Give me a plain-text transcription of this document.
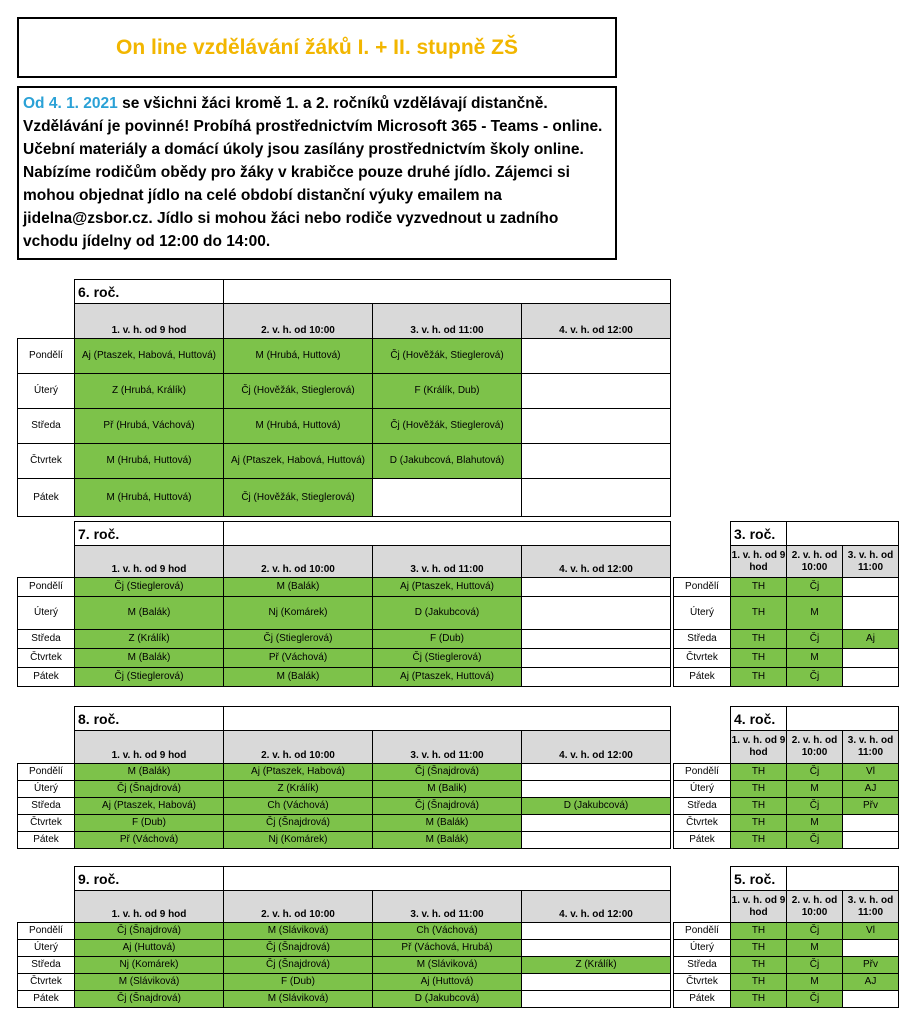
On line vzdělávání žáků I. + II. stupně ZŠ
Od 4. 1. 2021 se všichni žáci kromě 1. a 2. ročníků vzdělávají distančně. Vzdělávání je povinné! Probíhá prostřednictvím Microsoft 365 - Teams - online. Učební materiály a domácí úkoly jsou zasílány prostřednictvím školy online. Nabízíme rodičům obědy pro žáky v krabičce pouze druhé jídlo. Zájemci si mohou objednat jídlo na celé období distanční výuky emailem na jidelna@zsbor.cz. Jídlo si mohou žáci nebo rodiče vyzvednout u zadního vchodu jídelny od 12:00 do 14:00.
	6. roč.			
	1. v. h. od 9 hod	2. v. h. od 10:00	3. v. h. od 11:00	4. v. h. od 12:00
Pondělí	Aj (Ptaszek, Habová, Huttová)	M (Hrubá, Huttová)	Čj (Hověžák, Stieglerová)	
Úterý	Z (Hrubá, Králík)	Čj (Hověžák, Stieglerová)	F (Králík, Dub)	
Středa	Př (Hrubá, Váchová)	M (Hrubá, Huttová)	Čj (Hověžák, Stieglerová)	
Čtvrtek	M (Hrubá, Huttová)	Aj (Ptaszek, Habová, Huttová)	D (Jakubcová, Blahutová)	
Pátek	M (Hrubá, Huttová)	Čj (Hověžák, Stieglerová)		
	7. roč.			
	1. v. h. od 9 hod	2. v. h. od 10:00	3. v. h. od 11:00	4. v. h. od 12:00
Pondělí	Čj (Stieglerová)	M (Balák)	Aj (Ptaszek, Huttová)	
Úterý	M (Balák)	Nj (Komárek)	D (Jakubcová)	
Středa	Z (Králík)	Čj (Stieglerová)	F (Dub)	
Čtvrtek	M (Balák)	Př (Váchová)	Čj (Stieglerová)	
Pátek	Čj (Stieglerová)	M (Balák)	Aj (Ptaszek, Huttová)	
	8. roč.			
	1. v. h. od 9 hod	2. v. h. od 10:00	3. v. h. od 11:00	4. v. h. od 12:00
Pondělí	M (Balák)	Aj (Ptaszek, Habová)	Čj (Šnajdrová)	
Úterý	Čj (Šnajdrová)	Z (Králík)	M (Balik)	
Středa	Aj (Ptaszek, Habová)	Ch (Váchová)	Čj (Šnajdrová)	D (Jakubcová)
Čtvrtek	F (Dub)	Čj (Šnajdrová)	M (Balák)	
Pátek	Př (Váchová)	Nj (Komárek)	M (Balák)	
	9. roč.			
	1. v. h. od 9 hod	2. v. h. od 10:00	3. v. h. od 11:00	4. v. h. od 12:00
Pondělí	Čj (Šnajdrová)	M (Sláviková)	Ch (Váchová)	
Úterý	Aj (Huttová)	Čj (Šnajdrová)	Př (Váchová, Hrubá)	
Středa	Nj (Komárek)	Čj (Šnajdrová)	M (Sláviková)	Z (Králík)
Čtvrtek	M (Sláviková)	F (Dub)	Aj (Huttová)	
Pátek	Čj (Šnajdrová)	M (Sláviková)	D (Jakubcová)	
	3. roč.		
	1. v. h. od 9 hod	2. v. h. od 10:00	3. v. h. od 11:00
Pondělí	TH	Čj	
Úterý	TH	M	
Středa	TH	Čj	Aj
Čtvrtek	TH	M	
Pátek	TH	Čj	
	4. roč.		
	1. v. h. od 9 hod	2. v. h. od 10:00	3. v. h. od 11:00
Pondělí	TH	Čj	Vl
Úterý	TH	M	AJ
Středa	TH	Čj	Přv
Čtvrtek	TH	M	
Pátek	TH	Čj	
	5. roč.		
	1. v. h. od 9 hod	2. v. h. od 10:00	3. v. h. od 11:00
Pondělí	TH	Čj	Vl
Úterý	TH	M	
Středa	TH	Čj	Přv
Čtvrtek	TH	M	AJ
Pátek	TH	Čj	
